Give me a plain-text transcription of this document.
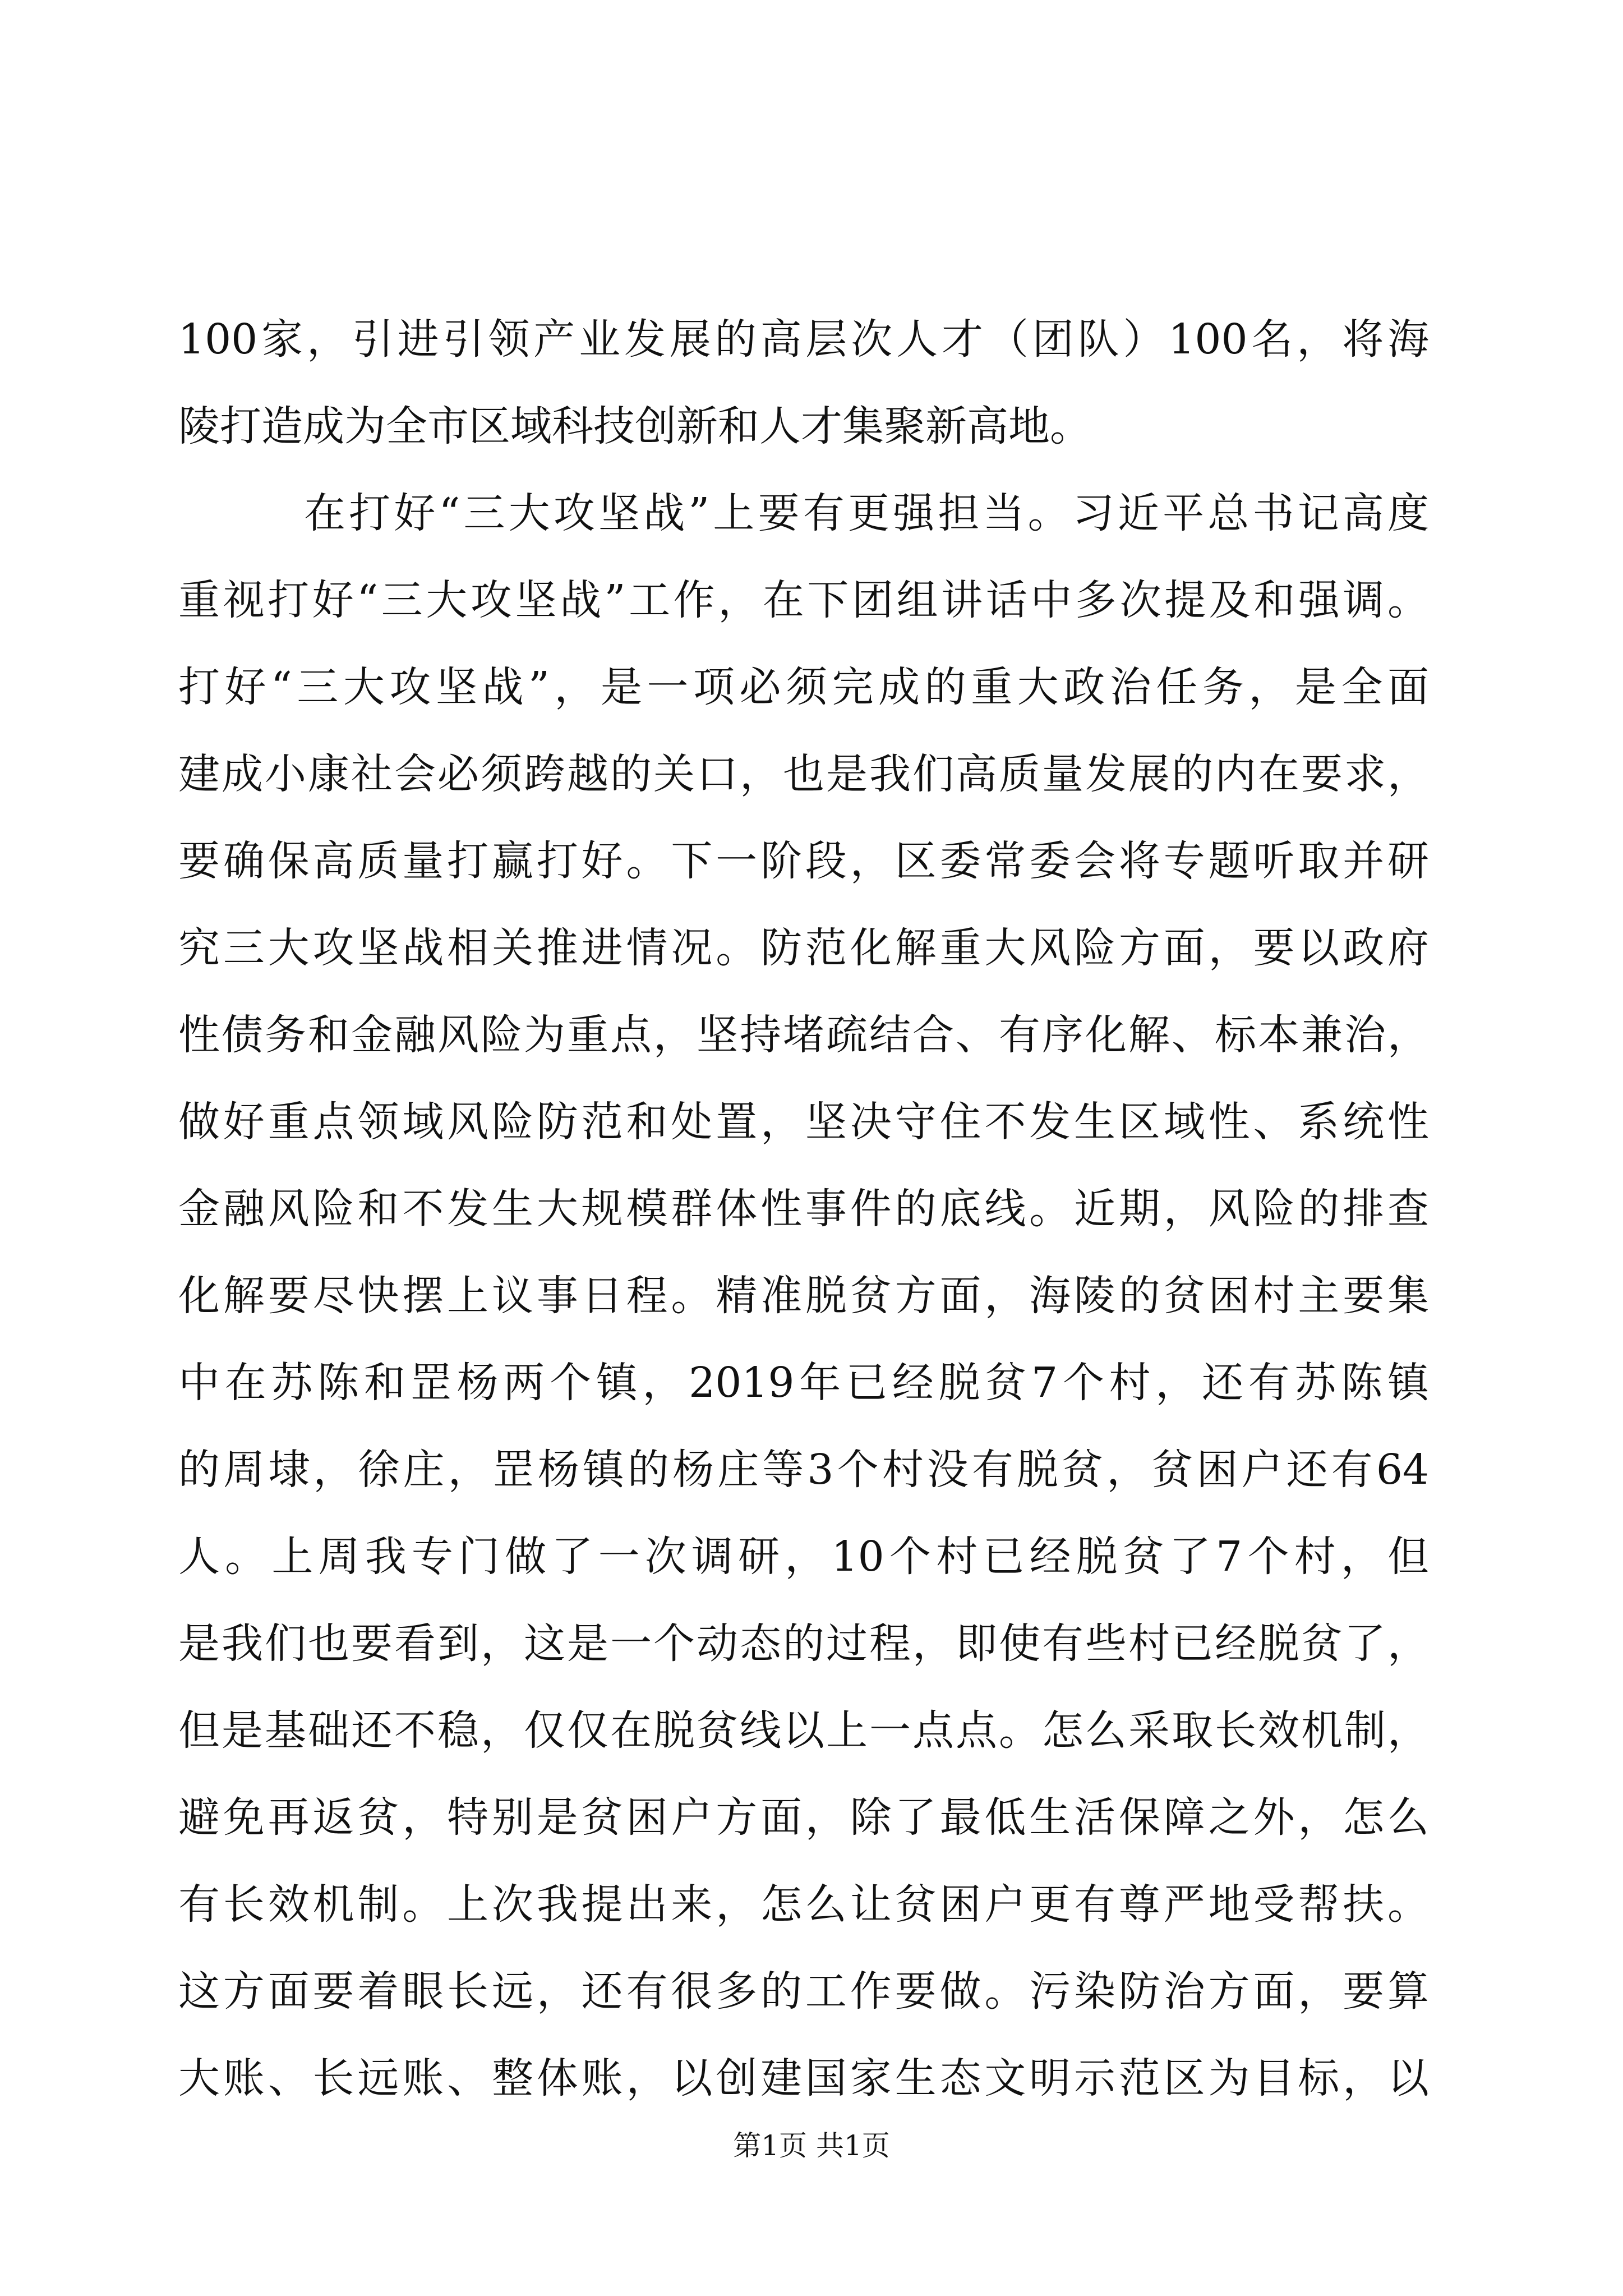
100家，引进引领产业发展的高层次人才（团队）100名，将海
陵打造成为全市区域科技创新和人才集聚新高地。
在打好“三大攻坚战”上要有更强担当。习近平总书记高度
重视打好“三大攻坚战”工作，在下团组讲话中多次提及和强调。
打好“三大攻坚战”，是一项必须完成的重大政治任务，是全面
建成小康社会必须跨越的关口，也是我们高质量发展的内在要求，
要确保高质量打赢打好。下一阶段，区委常委会将专题听取并研
究三大攻坚战相关推进情况。防范化解重大风险方面，要以政府
性债务和金融风险为重点，坚持堵疏结合、有序化解、标本兼治，
做好重点领域风险防范和处置，坚决守住不发生区域性、系统性
金融风险和不发生大规模群体性事件的底线。近期，风险的排查
化解要尽快摆上议事日程。精准脱贫方面，海陵的贫困村主要集
中在苏陈和罡杨两个镇，2019年已经脱贫7个村，还有苏陈镇
的周埭，徐庄，罡杨镇的杨庄等3个村没有脱贫，贫困户还有64
人。上周我专门做了一次调研，10个村已经脱贫了7个村，但
是我们也要看到，这是一个动态的过程，即使有些村已经脱贫了，
但是基础还不稳，仅仅在脱贫线以上一点点。怎么采取长效机制，
避免再返贫，特别是贫困户方面，除了最低生活保障之外，怎么
有长效机制。上次我提出来，怎么让贫困户更有尊严地受帮扶。
这方面要着眼长远，还有很多的工作要做。污染防治方面，要算
大账、长远账、整体账，以创建国家生态文明示范区为目标，以
第1页 共1页
